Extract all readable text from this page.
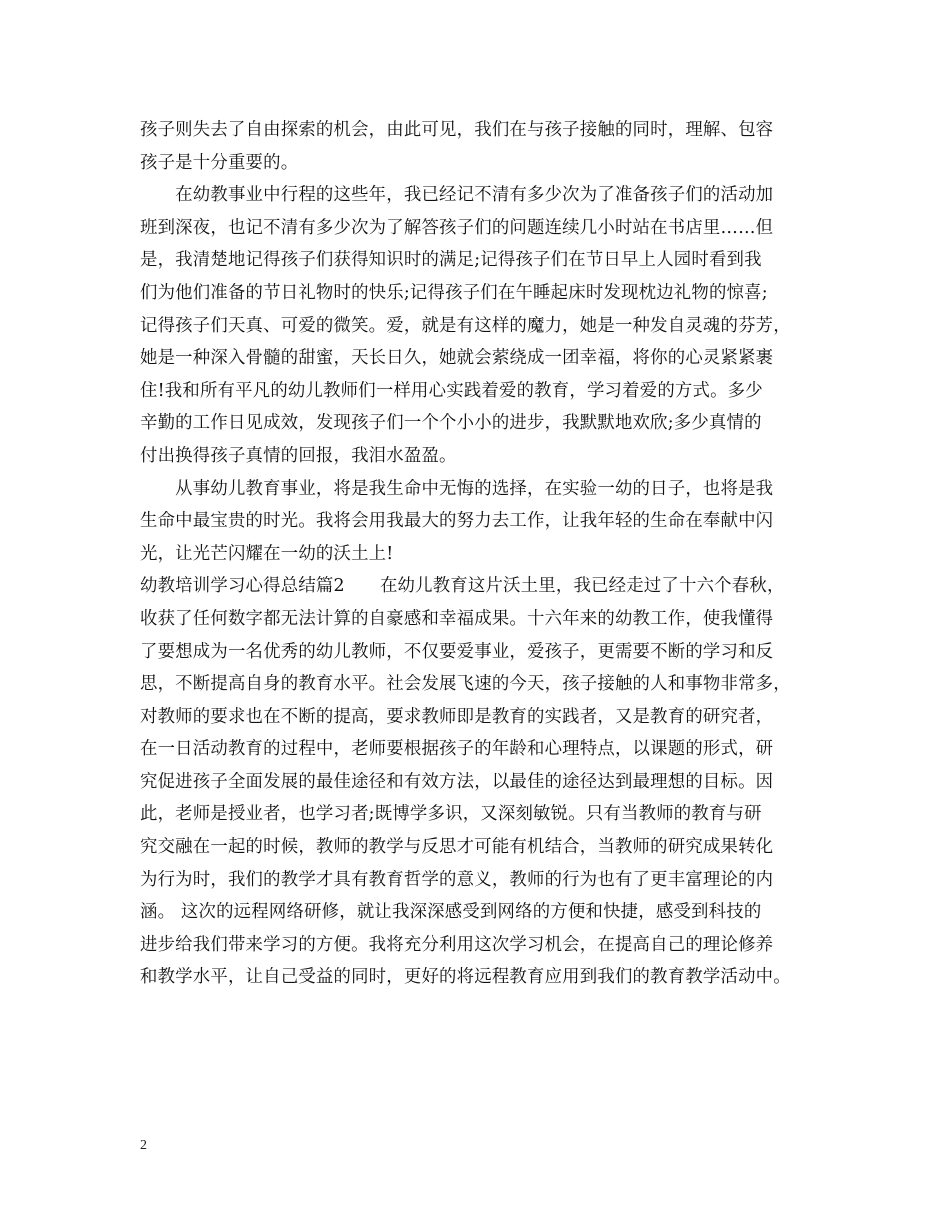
孩子则失去了自由探索的机会，由此可见，我们在与孩子接触的同时，理解、包容
孩子是十分重要的。
　　在幼教事业中行程的这些年，我已经记不清有多少次为了准备孩子们的活动加
班到深夜，也记不清有多少次为了解答孩子们的问题连续几小时站在书店里……但
是，我清楚地记得孩子们获得知识时的满足;记得孩子们在节日早上人园时看到我
们为他们准备的节日礼物时的快乐;记得孩子们在午睡起床时发现枕边礼物的惊喜;
记得孩子们天真、可爱的微笑。爱，就是有这样的魔力，她是一种发自灵魂的芬芳，
她是一种深入骨髓的甜蜜，天长日久，她就会萦绕成一团幸福，将你的心灵紧紧裹
住!我和所有平凡的幼儿教师们一样用心实践着爱的教育，学习着爱的方式。多少
辛勤的工作日见成效，发现孩子们一个个小小的进步，我默默地欢欣;多少真情的
付出换得孩子真情的回报，我泪水盈盈。
　　从事幼儿教育事业，将是我生命中无悔的选择，在实验一幼的日子，也将是我
生命中最宝贵的时光。我将会用我最大的努力去工作，让我年轻的生命在奉献中闪
光，让光芒闪耀在一幼的沃土上!
幼教培训学习心得总结篇2　　在幼儿教育这片沃土里，我已经走过了十六个春秋，
收获了任何数字都无法计算的自豪感和幸福成果。十六年来的幼教工作，使我懂得
了要想成为一名优秀的幼儿教师，不仅要爱事业，爱孩子，更需要不断的学习和反
思，不断提高自身的教育水平。社会发展飞速的今天，孩子接触的人和事物非常多，
对教师的要求也在不断的提高，要求教师即是教育的实践者，又是教育的研究者，
在一日活动教育的过程中，老师要根据孩子的年龄和心理特点，以课题的形式，研
究促进孩子全面发展的最佳途径和有效方法，以最佳的途径达到最理想的目标。因
此，老师是授业者，也学习者;既博学多识，又深刻敏锐。只有当教师的教育与研
究交融在一起的时候，教师的教学与反思才可能有机结合，当教师的研究成果转化
为行为时，我们的教学才具有教育哲学的意义，教师的行为也有了更丰富理论的内
涵。 这次的远程网络研修，就让我深深感受到网络的方便和快捷，感受到科技的
进步给我们带来学习的方便。我将充分利用这次学习机会，在提高自己的理论修养
和教学水平，让自己受益的同时，更好的将远程教育应用到我们的教育教学活动中。
2
